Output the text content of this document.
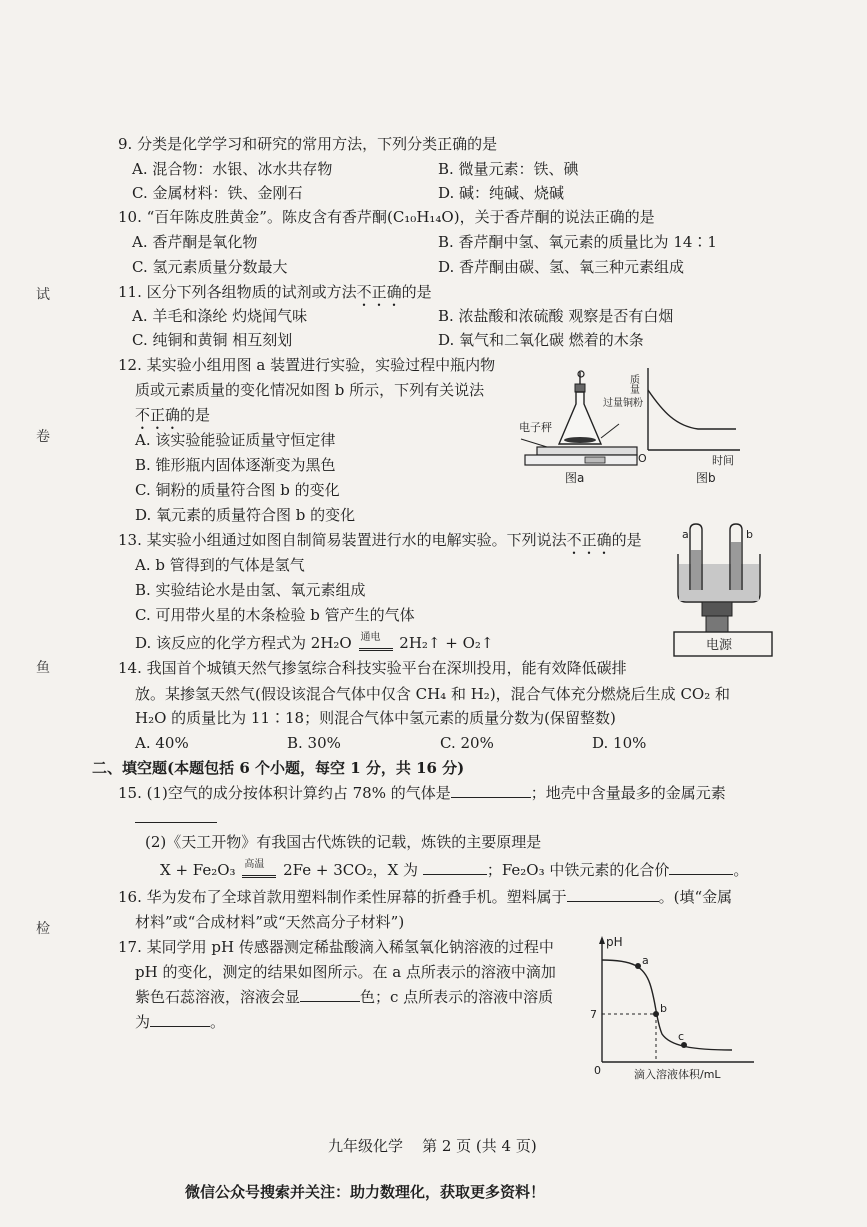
试
卷
鱼
检
9. 分类是化学学习和研究的常用方法，下列分类正确的是
A. 混合物：水银、冰水共存物	B. 微量元素：铁、碘
C. 金属材料：铁、金刚石	D. 碱：纯碱、烧碱
10. “百年陈皮胜黄金”。陈皮含有香芹酮(C₁₀H₁₄O)，关于香芹酮的说法正确的是
A. 香芹酮是氧化物	B. 香芹酮中氢、氧元素的质量比为 14∶1
C. 氢元素质量分数最大	D. 香芹酮由碳、氢、氧三种元素组成
11. 区分下列各组物质的试剂或方法不正确的是
A. 羊毛和涤纶 灼烧闻气味	B. 浓盐酸和浓硫酸 观察是否有白烟
C. 纯铜和黄铜 相互刻划	D. 氧气和二氧化碳 燃着的木条
12. 某实验小组用图 a 装置进行实验，实验过程中瓶内物
质或元素质量的变化情况如图 b 所示，下列有关说法
不正确的是
A. 该实验能验证质量守恒定律
B. 锥形瓶内固体逐渐变为黑色
C. 铜粉的质量符合图 b 的变化
D. 氧元素的质量符合图 b 的变化
电子秤
过量铜粉
图a
质量
O	时间
图b
13. 某实验小组通过如图自制简易装置进行水的电解实验。下列说法不正确的是
A. b 管得到的气体是氢气
B. 实验结论水是由氢、氧元素组成
C. 可用带火星的木条检验 b 管产生的气体
D. 该反应的化学方程式为 2H₂O 通电 2H₂↑ + O₂↑
a	b
电源
14. 我国首个城镇天然气掺氢综合科技实验平台在深圳投用，能有效降低碳排
放。某掺氢天然气(假设该混合气体中仅含 CH₄ 和 H₂)，混合气体充分燃烧后生成 CO₂ 和
H₂O 的质量比为 11∶18；则混合气体中氢元素的质量分数为(保留整数)
A. 40%	B. 30%	C. 20%	D. 10%
二、填空题(本题包括 6 个小题，每空 1 分，共 16 分)
15. (1)空气的成分按体积计算约占 78% 的气体是	；地壳中含量最多的金属元素
(2)《天工开物》有我国古代炼铁的记载，炼铁的主要原理是
X + Fe₂O₃ 高温 2Fe + 3CO₂，X 为	；Fe₂O₃ 中铁元素的化合价	。
16. 华为发布了全球首款用塑料制作柔性屏幕的折叠手机。塑料属于	。(填“金属
材料”或“合成材料”或“天然高分子材料”)
17. 某同学用 pH 传感器测定稀盐酸滴入稀氢氧化钠溶液的过程中
pH 的变化，测定的结果如图所示。在 a 点所表示的溶液中滴加
紫色石蕊溶液，溶液会显	色；c 点所表示的溶液中溶质
为	。
pH
7
0	滴入溶液体积/mL
a
b
c
九年级化学    第 2 页 (共 4 页)
微信公众号搜索并关注：助力数理化，获取更多资料！
